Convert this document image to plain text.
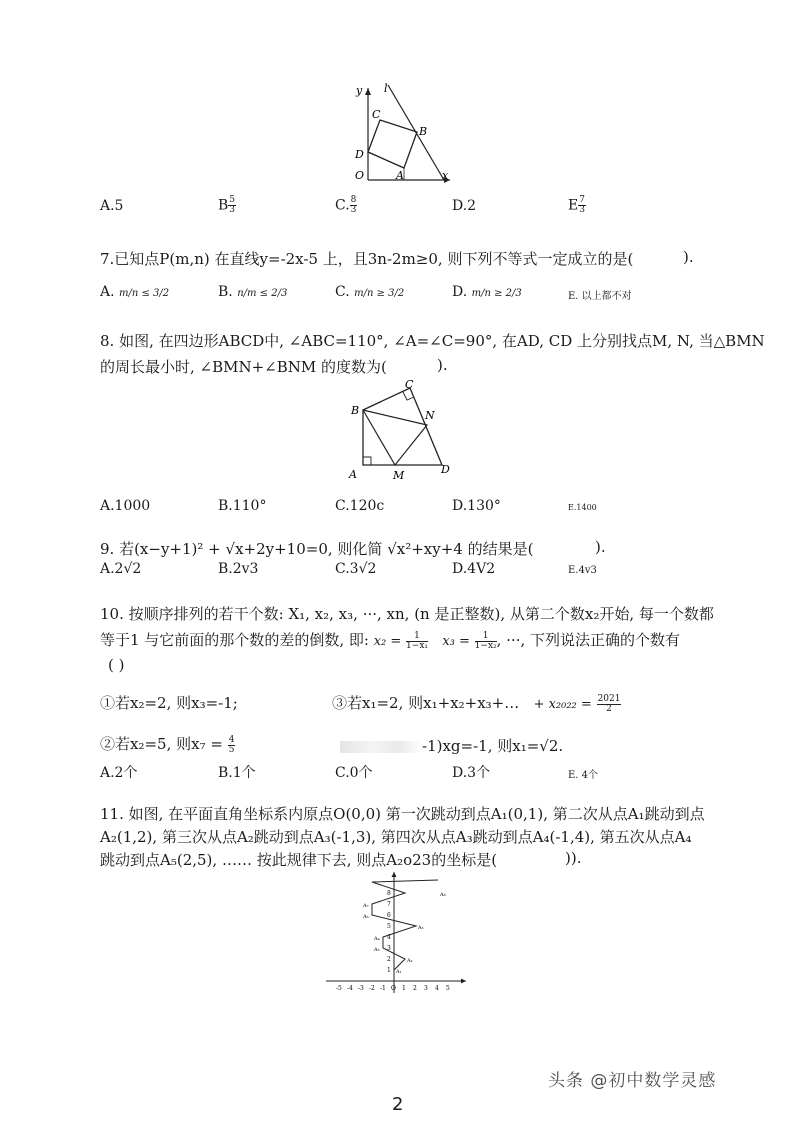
y l
C
B
D
O	A	x
A.5	B $\frac{5}{3}$	C. $\frac{8}{3}$	D.2	E $\frac{7}{3}$
7.已知点P(m,n) 在直线y=-2x-5 上，且3n-2m≥0, 则下列不等式一定成立的是(	).
A. m/n ≤ 3/2	B. n/m ≤ 2/3	C. m/n ≥ 3/2	D. m/n ≥ 2/3	E. 以上都不对
8. 如图, 在四边形ABCD中, ∠ABC=110°, ∠A=∠C=90°, 在AD, CD 上分别找点M, N, 当△BMN
的周长最小时, ∠BMN+∠BNM 的度数为(	).
B
C
N
A	M	D
A.1000	B.110°	C.120c	D.130°	E.1400
9. 若(x−y+1)² + √x+2y+10=0, 则化简 √x²+xy+4 的结果是(	).
A.2√2	B.2v3	C.3√2	D.4V2	E.4v3
10. 按顺序排列的若干个数: X₁, x₂, x₃, ···, xn, (n 是正整数), 从第二个数x₂开始, 每一个数都
等于1 与它前面的那个数的差的倒数, 即: $x_2 = \frac{1}{\text{1−x₁}} x_3 = \frac{1}{\text{1−x₂}}$ , ···, 下列说法正确的个数有
( )
①若x₂=2, 则x₃=-1;	③若x₁=2, 则x₁+x₂+x₃+… + $x_{2022} = \frac{2021}{2}$
②若x₂=5, 则$x_7 = \frac{4}{5}$	-1)xg=-1, 则x₁=√2.
A.2个	B.1个	C.0个	D.3个	E. 4个
11. 如图, 在平面直角坐标系内原点O(0,0) 第一次跳动到点A₁(0,1), 第二次从点A₁跳动到点
A₂(1,2), 第三次从点A₂跳动到点A₃(-1,3), 第四次从点A₃跳动到点A₄(-1,4), 第五次从点A₄
跳动到点A₅(2,5), …… 按此规律下去, 则点A₂o23的坐标是(	)).
-5 -4 -3 -2 -1 O 1 2 3 4 5
1
2
3
4
5
6
7
8
A₁
A₂
A₃
A₄
A₅
A₆
A₇
A₈
头条 @初中数学灵感
2
